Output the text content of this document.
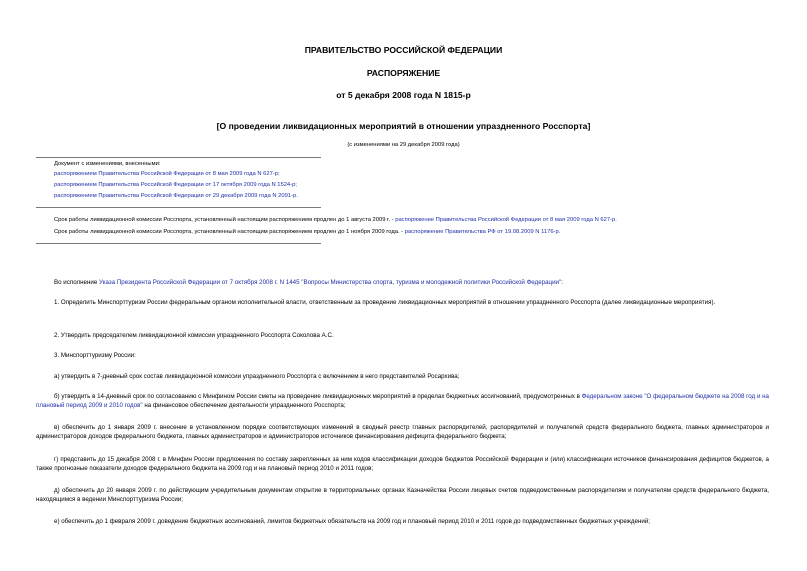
ПРАВИТЕЛЬСТВО РОССИЙСКОЙ ФЕДЕРАЦИИ
РАСПОРЯЖЕНИЕ
от 5 декабря 2008 года N 1815-р
[О проведении ликвидационных мероприятий в отношении упраздненного Росспорта]
(с изменениями на 29 декабря 2009 года)
Документ с изменениями, внесенными:
распоряжением Правительства Российской Федерации от 8 мая 2009 года N 627-р;
распоряжением Правительства Российской Федерации от 17 октября 2009 года N 1524-р;
распоряжением Правительства Российской Федерации от 29 декабря 2009 года N 2091-р.
Срок работы ликвидационной комиссии Росспорта, установленный настоящим распоряжением продлен до 1 августа 2009 г. - распоряжение Правительства Российской Федерации от 8 мая 2009 года N 627-р.
Срок работы ликвидационной комиссии Росспорта, установленный настоящим распоряжением продлен до 1 ноября 2009 года. - распоряжение Правительства РФ от 19.08.2009 N 1176-р.
Во исполнение Указа Президента Российской Федерации от 7 октября 2008 г. N 1445 "Вопросы Министерства спорта, туризма и молодежной политики Российской Федерации":
1. Определить Минспорттуризм России федеральным органом исполнительной власти, ответственным за проведение ликвидационных мероприятий в отношении упраздненного Росспорта (далее ликвидационные мероприятия).
2. Утвердить председателем ликвидационной комиссии упраздненного Росспорта Соколова А.С.
3. Минспорттуризму России:
а) утвердить в 7-дневный срок состав ликвидационной комиссии упраздненного Росспорта с включением в него представителей Росархива;
б) утвердить в 14-дневный срок по согласованию с Минфином России сметы на проведение ликвидационных мероприятий в пределах бюджетных ассигнований, предусмотренных в Федеральном законе "О федеральном бюджете на 2008 год и на плановый период 2009 и 2010 годов" на финансовое обеспечение деятельности упраздненного Росспорта;
в) обеспечить до 1 января 2009 г. внесение в установленном порядке соответствующих изменений в сводный реестр главных распорядителей, распорядителей и получателей средств федерального бюджета, главных администраторов и администраторов доходов федерального бюджета, главных администраторов и администраторов источников финансирования дефицита федерального бюджета;
г) представить до 15 декабря 2008 г. в Минфин России предложения по составу закрепленных за ним кодов классификации доходов бюджетов Российской Федерации и (или) классификации источников финансирования дефицитов бюджетов, а также прогнозные показатели доходов федерального бюджета на 2009 год и на плановый период 2010 и 2011 годов;
д) обеспечить до 20 января 2009 г. по действующим учредительным документам открытие в территориальных органах Казначейства России лицевых счетов подведомственным распорядителям и получателям средств федерального бюджета, находящимся в ведении Минспорттуризма России;
е) обеспечить до 1 февраля 2009 г. доведение бюджетных ассигнований, лимитов бюджетных обязательств на 2009 год и плановый период 2010 и 2011 годов до подведомственных бюджетных учреждений;
